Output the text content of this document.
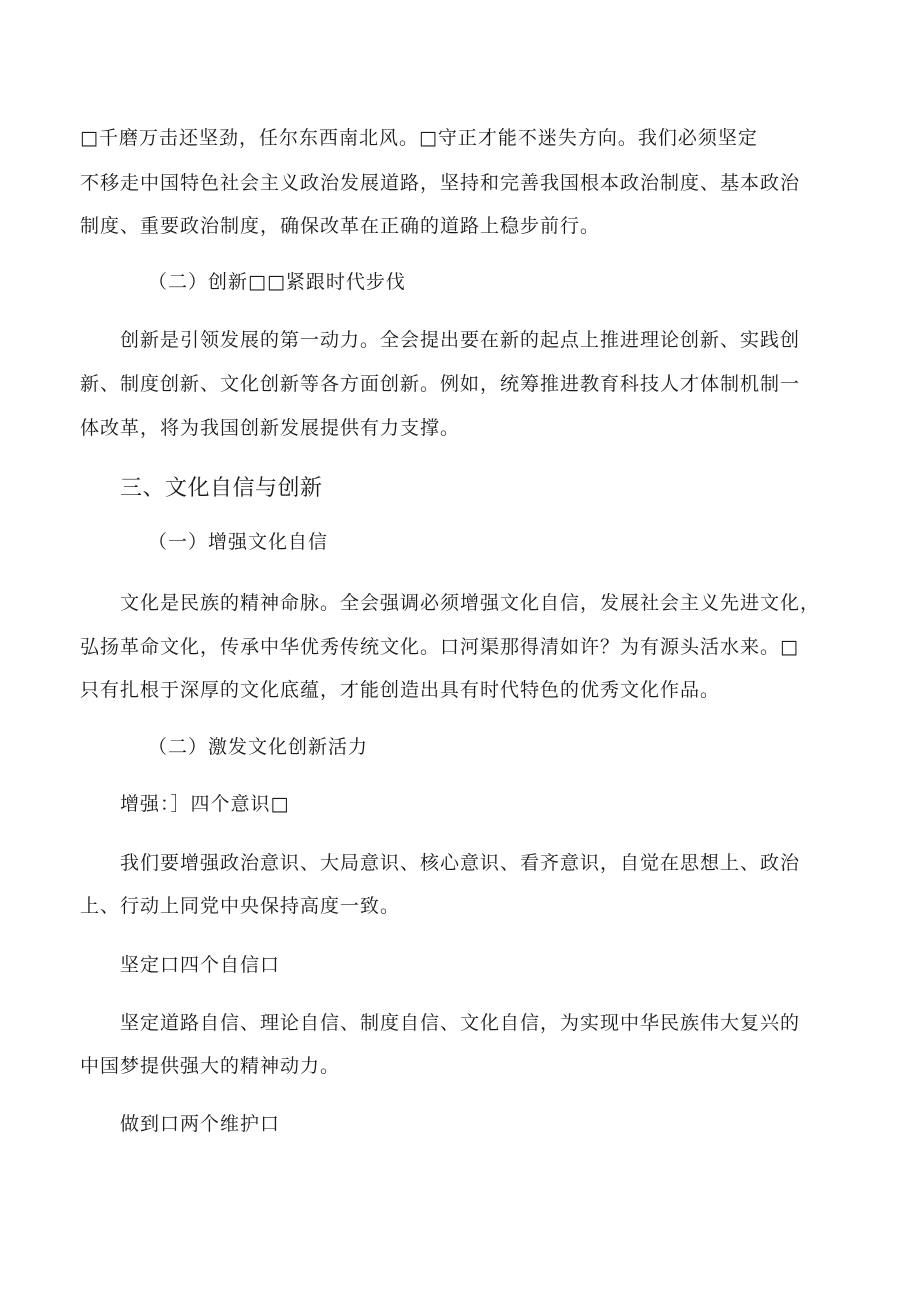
□千磨万击还坚劲，任尔东西南北风。□守正才能不迷失方向。我们必须坚定
不移走中国特色社会主义政治发展道路，坚持和完善我国根本政治制度、基本政治
制度、重要政治制度，确保改革在正确的道路上稳步前行。
（二）创新□□紧跟时代步伐
创新是引领发展的第一动力。全会提出要在新的起点上推进理论创新、实践创
新、制度创新、文化创新等各方面创新。例如，统筹推进教育科技人才体制机制一
体改革，将为我国创新发展提供有力支撑。
三、文化自信与创新
（一）增强文化自信
文化是民族的精神命脉。全会强调必须增强文化自信，发展社会主义先进文化，
弘扬革命文化，传承中华优秀传统文化。口河渠那得清如许？为有源头活水来。□
只有扎根于深厚的文化底蕴，才能创造出具有时代特色的优秀文化作品。
（二）激发文化创新活力
增强：］四个意识□
我们要增强政治意识、大局意识、核心意识、看齐意识，自觉在思想上、政治
上、行动上同党中央保持高度一致。
坚定口四个自信口
坚定道路自信、理论自信、制度自信、文化自信，为实现中华民族伟大复兴的
中国梦提供强大的精神动力。
做到口两个维护口
